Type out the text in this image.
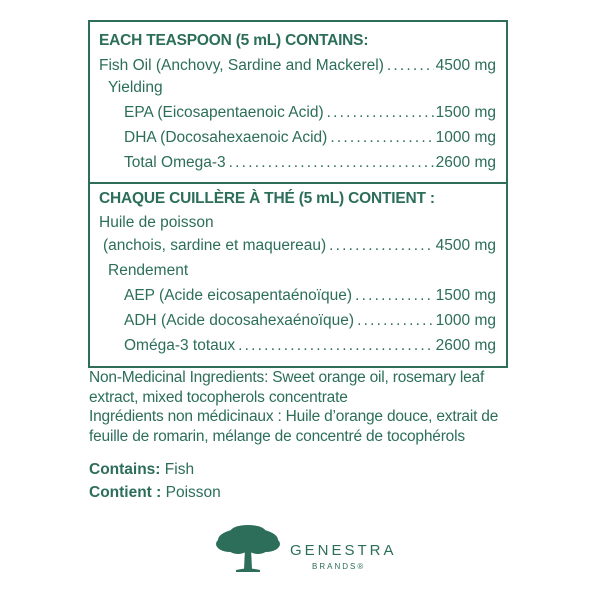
EACH TEASPOON (5 mL) CONTAINS:
Fish Oil (Anchovy, Sardine and Mackerel) .....	4500 mg
Yielding
EPA (Eicosapentaenoic Acid) .....	1500 mg
DHA (Docosahexaenoic Acid) .....	1000 mg
Total Omega-3 .....	2600 mg
CHAQUE CUILLÈRE À THÉ (5 mL) CONTIENT :
Huile de poisson
(anchois, sardine et maquereau) .....	4500 mg
Rendement
AEP (Acide eicosapentaénoïque) .....	1500 mg
ADH (Acide docosahexaénoïque) .....	1000 mg
Oméga-3 totaux .....	2600 mg

Non-Medicinal Ingredients: Sweet orange oil, rosemary leaf extract, mixed tocopherols concentrate

Ingrédients non médicinaux : Huile d’orange douce, extrait de feuille de romarin, mélange de concentré de tocophérols

Contains: Fish
Contient : Poisson
GENESTRA
BRANDS®
